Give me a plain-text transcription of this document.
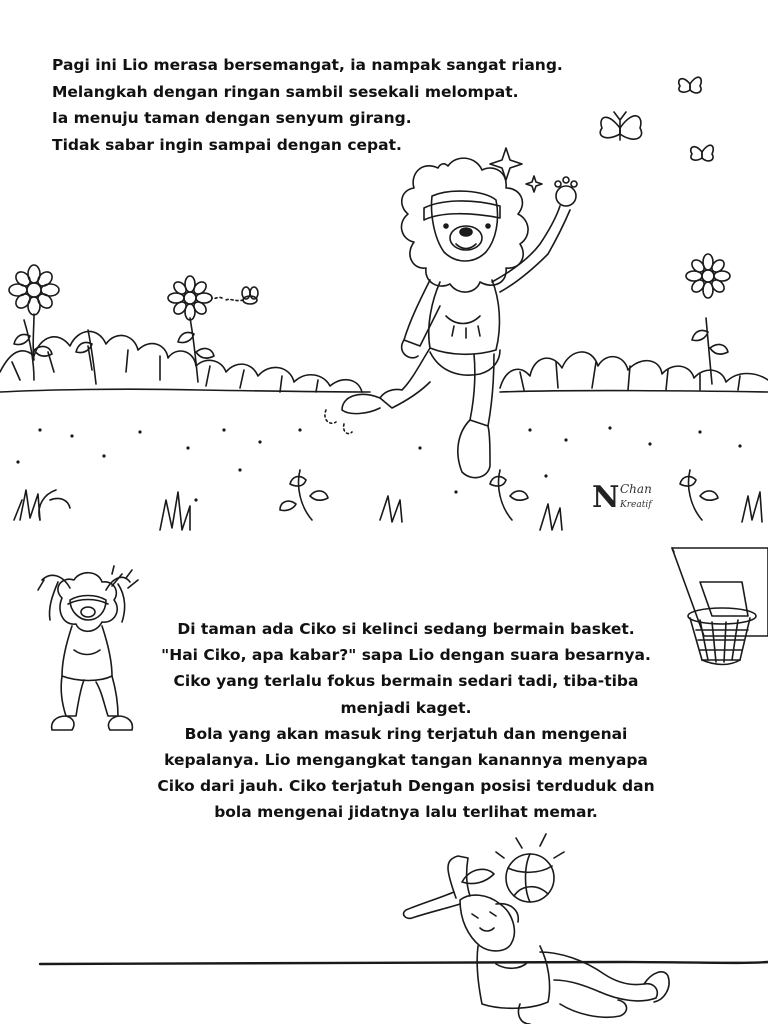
Pagi ini Lio merasa bersemangat, ia nampak sangat riang.
Melangkah dengan ringan sambil sesekali melompat.
Ia menuju taman dengan senyum girang.
Tidak sabar ingin sampai dengan cepat.
Di taman ada Ciko si kelinci sedang bermain basket.
"Hai Ciko, apa kabar?" sapa Lio dengan suara besarnya.
Ciko yang terlalu fokus bermain sedari tadi, tiba-tiba
menjadi kaget.
Bola yang akan masuk ring terjatuh dan mengenai
kepalanya. Lio mengangkat tangan kanannya menyapa
Ciko dari jauh. Ciko terjatuh Dengan posisi terduduk dan
bola mengenai jidatnya lalu terlihat memar.
N Chan
Kreatif
